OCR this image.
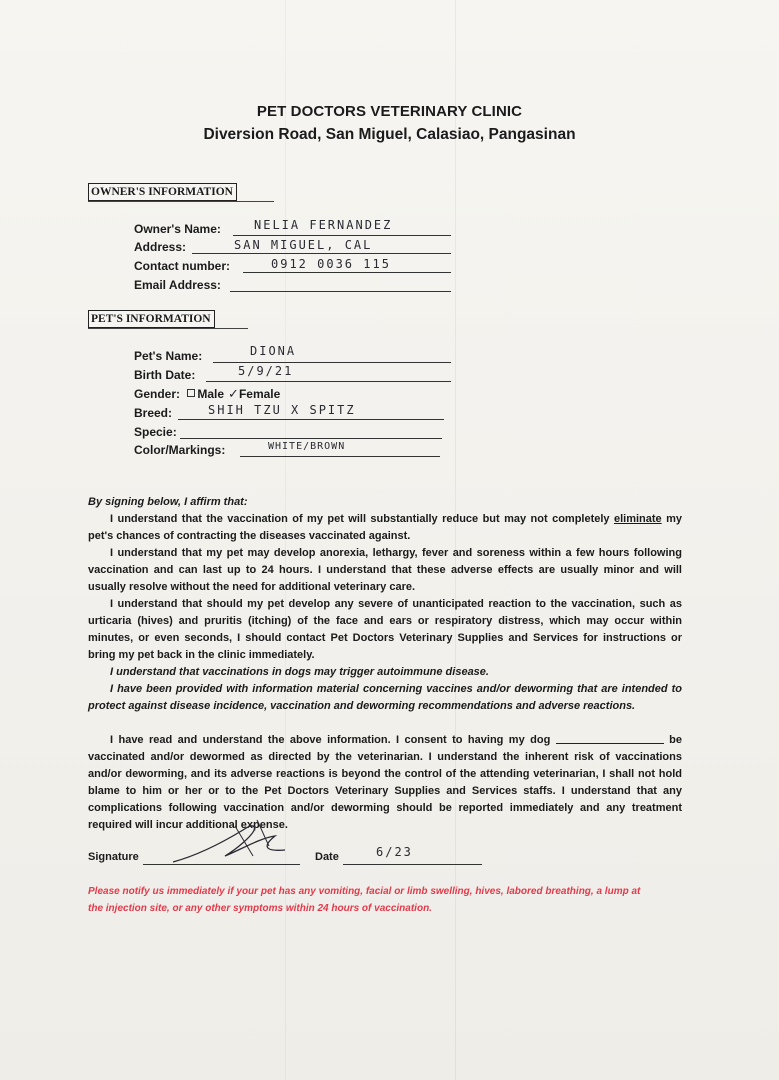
PET DOCTORS VETERINARY CLINIC
Diversion Road, San Miguel, Calasiao, Pangasinan
OWNER'S INFORMATION
Owner's Name:	NELIA FERNANDEZ
Address:	SAN MIGUEL, CAL
Contact number:	0912 0036 115
Email Address:
PET'S INFORMATION
Pet's Name:	DIONA
Birth Date:	5/9/21
Gender: Male ✓Female
Breed:	SHIH TZU X SPITZ
Specie:
Color/Markings:	WHITE/BROWN
By signing below, I affirm that:

I understand that the vaccination of my pet will substantially reduce but may not completely eliminate my pet's chances of contracting the diseases vaccinated against.

I understand that my pet may develop anorexia, lethargy, fever and soreness within a few hours following vaccination and can last up to 24 hours. I understand that these adverse effects are usually minor and will usually resolve without the need for additional veterinary care.

I understand that should my pet develop any severe of unanticipated reaction to the vaccination, such as urticaria (hives) and pruritis (itching) of the face and ears or respiratory distress, which may occur within minutes, or even seconds, I should contact Pet Doctors Veterinary Supplies and Services for instructions or bring my pet back in the clinic immediately.

I understand that vaccinations in dogs may trigger autoimmune disease.

I have been provided with information material concerning vaccines and/or deworming that are intended to protect against disease incidence, vaccination and deworming recommendations and adverse reactions.

I have read and understand the above information. I consent to having my dog	be vaccinated and/or dewormed as directed by the veterinarian. I understand the inherent risk of vaccinations and/or deworming, and its adverse reactions is beyond the control of the attending veterinarian, I shall not hold blame to him or her or to the Pet Doctors Veterinary Supplies and Services staffs. I understand that any complications following vaccination and/or deworming should be reported immediately and any treatment required will incur additional expense.

Signature	Date	6/23
Please notify us immediately if your pet has any vomiting, facial or limb swelling, hives, labored breathing, a lump at the injection site, or any other symptoms within 24 hours of vaccination.
